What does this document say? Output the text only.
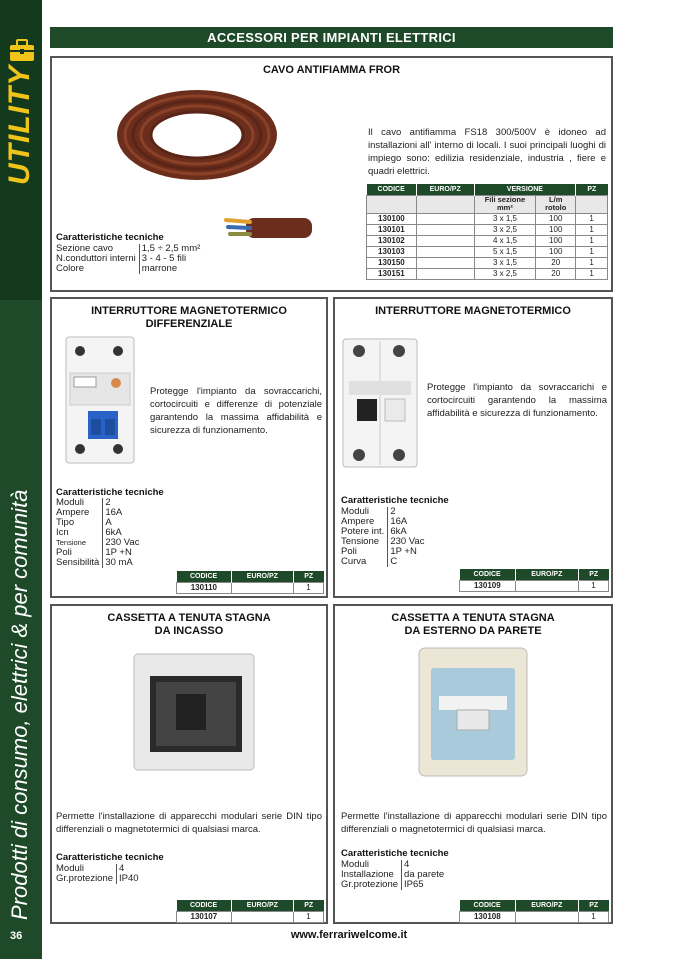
UTILITY
Prodotti di consumo, elettrici & per comunità
36
ACCESSORI PER IMPIANTI ELETTRICI
CAVO ANTIFIAMMA FROR
Il cavo antifiamma FS18 300/500V è idoneo ad installazioni all' interno di locali. I suoi principali luoghi di impiego sono: edilizia residenziale, industria , fiere e quadri elettrici.
Caratteristiche tecniche
Sezione cavo	1,5 ÷ 2,5 mm²
N.conduttori interni	3 - 4 - 5 fili
Colore	marrone
CODICE	EURO/PZ	VERSIONE		PZ
		Fili sezione mm²	L/m rotolo	
130100		3 x 1,5	100	1
130101		3 x 2,5	100	1
130102		4 x 1,5	100	1
130103		5 x 1,5	100	1
130150		3 x 1,5	20	1
130151		3 x 2,5	20	1
INTERRUTTORE MAGNETOTERMICO
DIFFERENZIALE
Protegge l'impianto da sovraccarichi, cortocircuiti e differenze di potenziale garantendo la massima affidabilità e sicurezza di funzionamento.
Caratteristiche tecniche
Moduli	2
Ampere	16A
Tipo	A
Icn	6kA
Tensione	230 Vac
Poli	1P +N
Sensibilità	30 mA
CODICE	EURO/PZ	PZ
130110		1
INTERRUTTORE MAGNETOTERMICO
Protegge l'impianto da sovraccarichi e cortocircuiti garantendo la massima affidabilità e sicurezza di funzionamento.
Caratteristiche tecniche
Moduli	2
Ampere	16A
Potere int.	6kA
Tensione	230 Vac
Poli	1P +N
Curva	C
CODICE	EURO/PZ	PZ
130109		1
CASSETTA A TENUTA STAGNA
DA INCASSO
Permette l'installazione di apparecchi modulari serie DIN tipo differenziali o magnetotermici di qualsiasi marca.
Caratteristiche tecniche
Moduli	4
Gr.protezione	IP40
CODICE	EURO/PZ	PZ
130107		1
CASSETTA A TENUTA STAGNA
DA ESTERNO DA PARETE
Permette l'installazione di apparecchi modulari serie DIN tipo differenziali o magnetotermici di qualsiasi marca.
Caratteristiche tecniche
Moduli	4
Installazione	da parete
Gr.protezione	IP65
CODICE	EURO/PZ	PZ
130108		1
www.ferrariwelcome.it
